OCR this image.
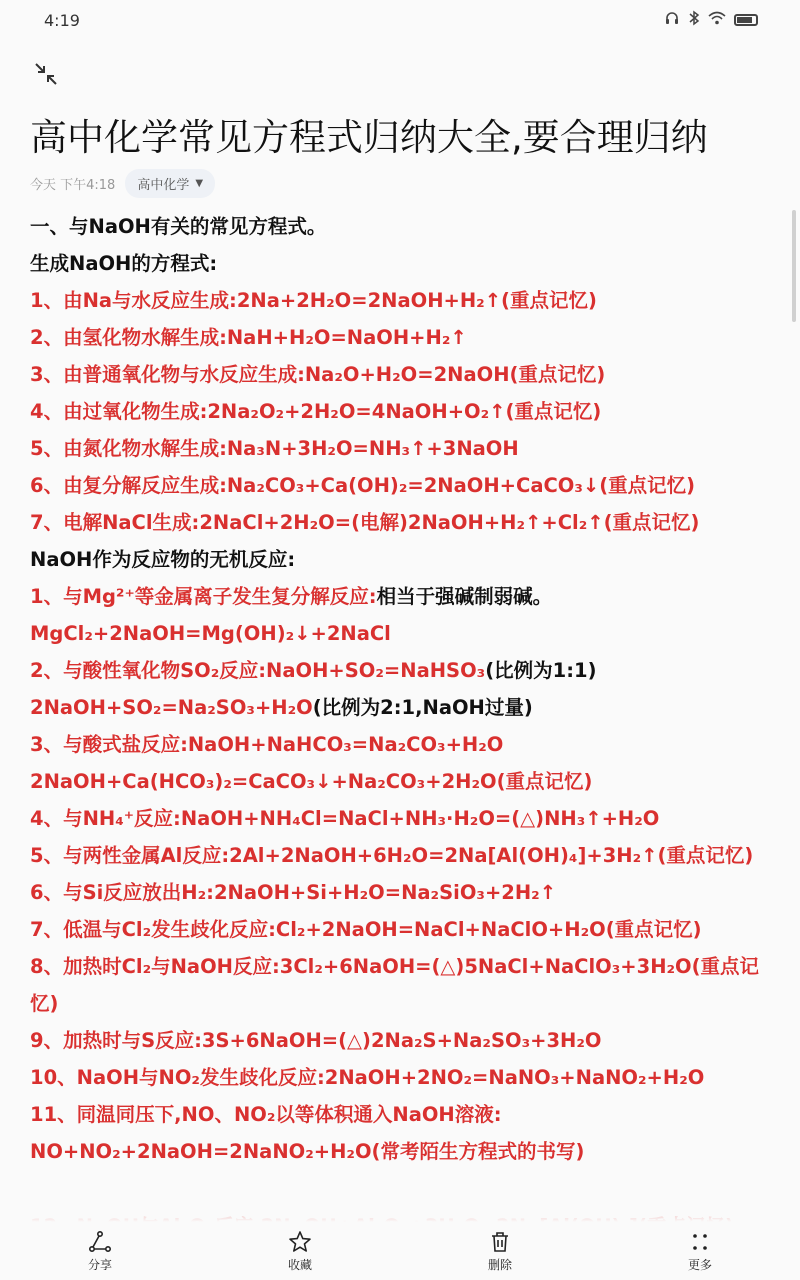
4:19
高中化学常见方程式归纳大全,要合理归纳
今天 下午4:18 高中化学 ▼
一、与NaOH有关的常见方程式。
生成NaOH的方程式:
1、由Na与水反应生成:2Na+2H₂O=2NaOH+H₂↑(重点记忆)
2、由氢化物水解生成:NaH+H₂O=NaOH+H₂↑
3、由普通氧化物与水反应生成:Na₂O+H₂O=2NaOH(重点记忆)
4、由过氧化物生成:2Na₂O₂+2H₂O=4NaOH+O₂↑(重点记忆)
5、由氮化物水解生成:Na₃N+3H₂O=NH₃↑+3NaOH
6、由复分解反应生成:Na₂CO₃+Ca(OH)₂=2NaOH+CaCO₃↓(重点记忆)
7、电解NaCl生成:2NaCl+2H₂O=(电解)2NaOH+H₂↑+Cl₂↑(重点记忆)
NaOH作为反应物的无机反应:
1、与Mg²⁺等金属离子发生复分解反应:相当于强碱制弱碱。
MgCl₂+2NaOH=Mg(OH)₂↓+2NaCl
2、与酸性氧化物SO₂反应:NaOH+SO₂=NaHSO₃(比例为1:1)
2NaOH+SO₂=Na₂SO₃+H₂O(比例为2:1,NaOH过量)
3、与酸式盐反应:NaOH+NaHCO₃=Na₂CO₃+H₂O
2NaOH+Ca(HCO₃)₂=CaCO₃↓+Na₂CO₃+2H₂O(重点记忆)
4、与NH₄⁺反应:NaOH+NH₄Cl=NaCl+NH₃·H₂O=(△)NH₃↑+H₂O
5、与两性金属Al反应:2Al+2NaOH+6H₂O=2Na[Al(OH)₄]+3H₂↑(重点记忆)
6、与Si反应放出H₂:2NaOH+Si+H₂O=Na₂SiO₃+2H₂↑
7、低温与Cl₂发生歧化反应:Cl₂+2NaOH=NaCl+NaClO+H₂O(重点记忆)
8、加热时Cl₂与NaOH反应:3Cl₂+6NaOH=(△)5NaCl+NaClO₃+3H₂O(重点记忆)
9、加热时与S反应:3S+6NaOH=(△)2Na₂S+Na₂SO₃+3H₂O
10、NaOH与NO₂发生歧化反应:2NaOH+2NO₂=NaNO₃+NaNO₂+H₂O
11、同温同压下,NO、NO₂以等体积通入NaOH溶液:
NO+NO₂+2NaOH=2NaNO₂+H₂O(常考陌生方程式的书写)
分享	收藏	删除	更多
